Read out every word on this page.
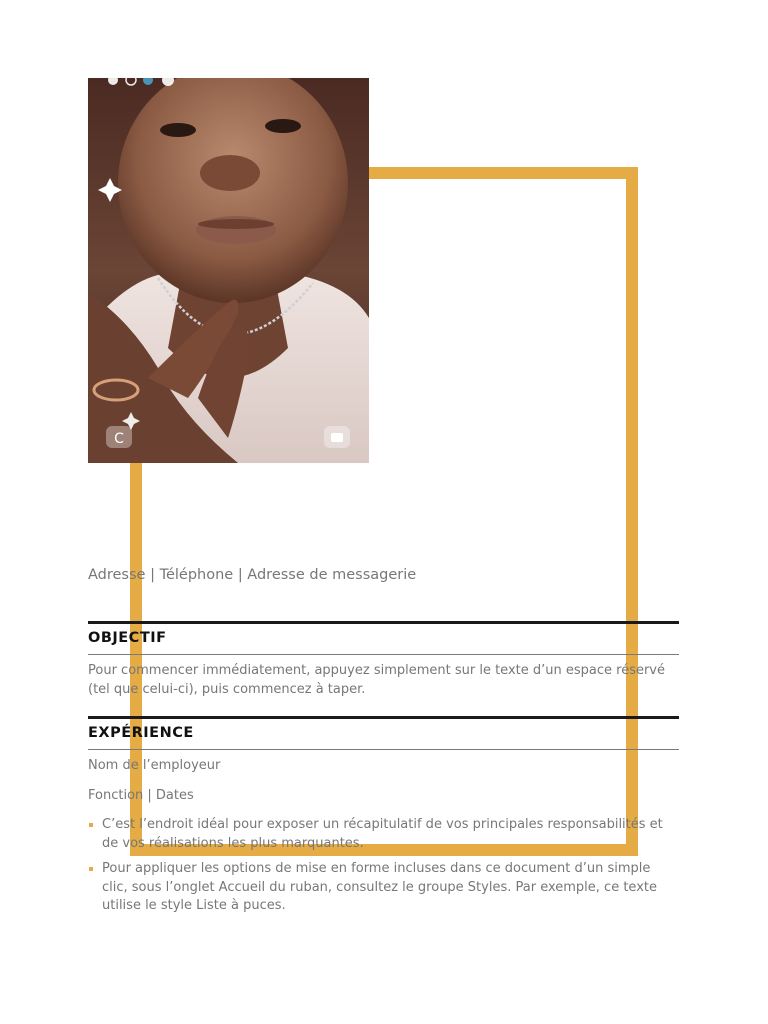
C
Adresse | Téléphone | Adresse de messagerie
OBJECTIF
Pour commencer immédiatement, appuyez simplement sur le texte d’un espace réservé (tel que celui-ci), puis commencez à taper.
EXPÉRIENCE
Nom de l’employeur
Fonction | Dates
C’est l’endroit idéal pour exposer un récapitulatif de vos principales responsabilités et de vos réalisations les plus marquantes.
Pour appliquer les options de mise en forme incluses dans ce document d’un simple clic, sous l’onglet Accueil du ruban, consultez le groupe Styles. Par exemple, ce texte utilise le style Liste à puces.
